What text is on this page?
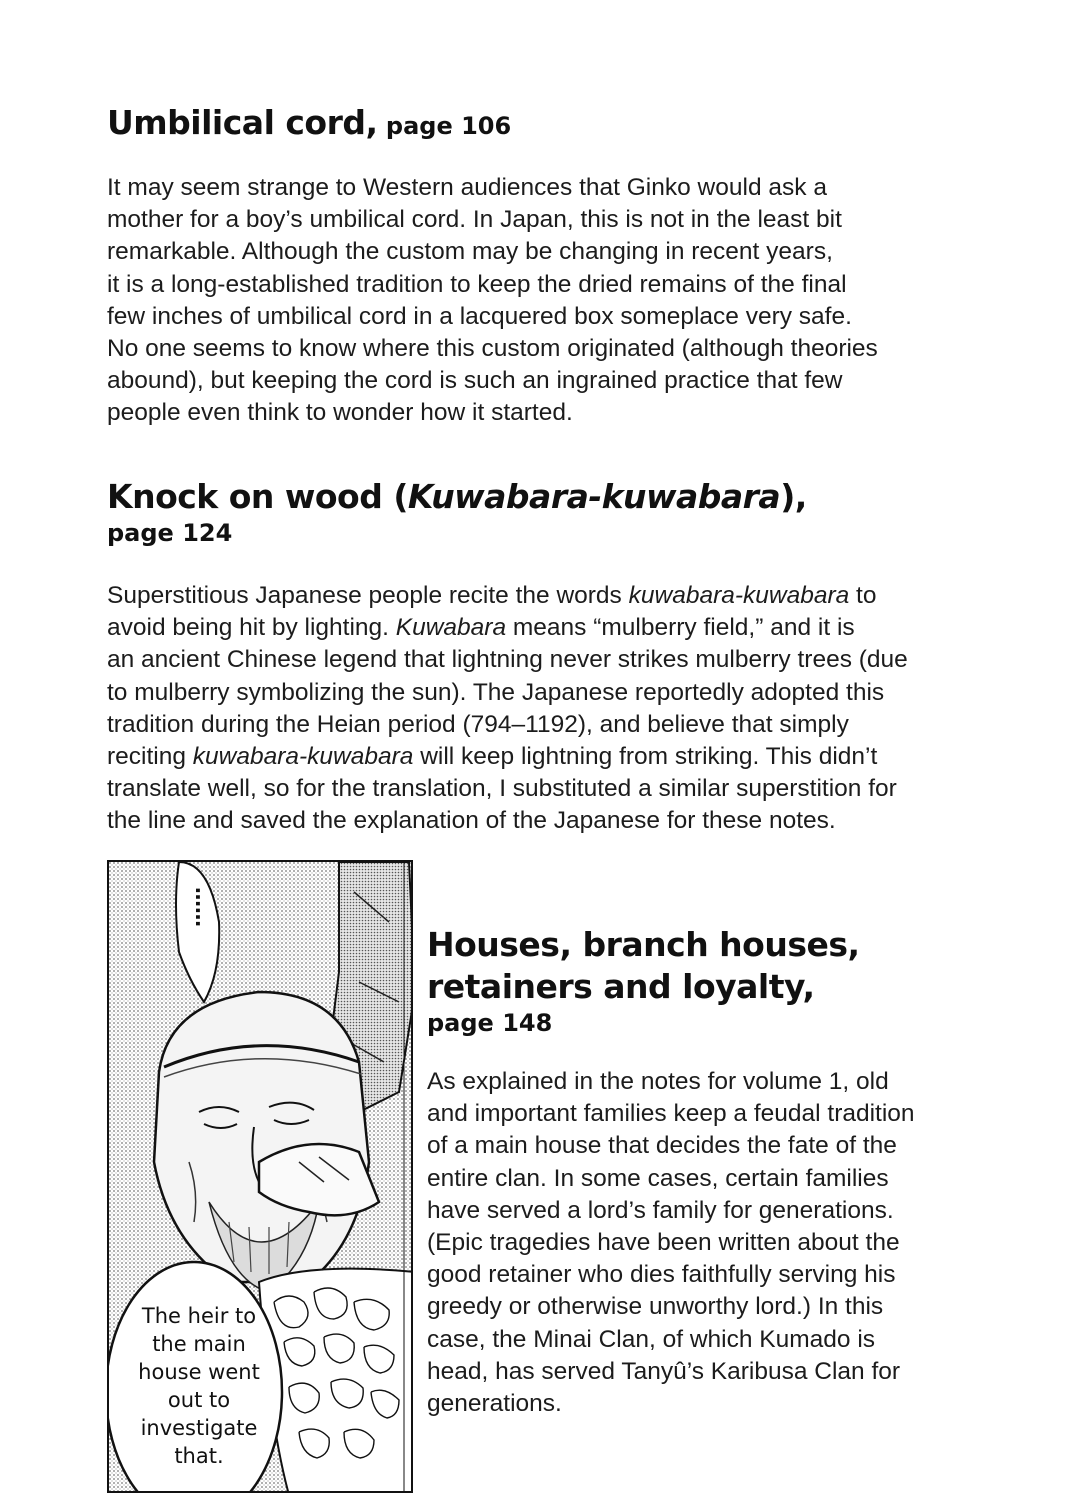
Umbilical cord, page 106

It may seem strange to Western audiences that Ginko would ask a

mother for a boy’s umbilical cord. In Japan, this is not in the least bit

remarkable. Although the custom may be changing in recent years,

it is a long-established tradition to keep the dried remains of the final

few inches of umbilical cord in a lacquered box someplace very safe.

No one seems to know where this custom originated (although theories

abound), but keeping the cord is such an ingrained practice that few

people even think to wonder how it started.

Knock on wood (Kuwabara-kuwabara),
page 124

Superstitious Japanese people recite the words kuwabara-kuwabara to

avoid being hit by lighting. Kuwabara means “mulberry field,” and it is

an ancient Chinese legend that lightning never strikes mulberry trees (due

to mulberry symbolizing the sun). The Japanese reportedly adopted this

tradition during the Heian period (794–1192), and believe that simply

reciting kuwabara-kuwabara will keep lightning from striking. This didn’t

translate well, so for the translation, I substituted a similar superstition for

the line and saved the explanation of the Japanese for these notes.

……
The heir to
the main
house went
out to
investigate
that.
Houses, branch houses,
retainers and loyalty,
page 148

As explained in the notes for volume 1, old

and important families keep a feudal tradition

of a main house that decides the fate of the

entire clan. In some cases, certain families

have served a lord’s family for generations.

(Epic tragedies have been written about the

good retainer who dies faithfully serving his

greedy or otherwise unworthy lord.) In this

case, the Minai Clan, of which Kumado is

head, has served Tanyû’s Karibusa Clan for

generations.
